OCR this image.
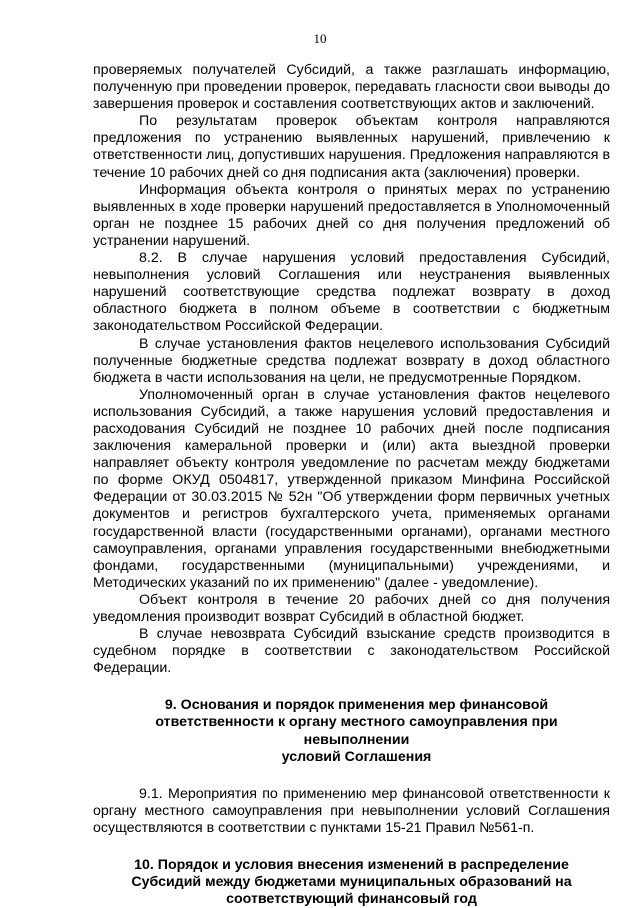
10

проверяемых получателей Субсидий, а также разглашать информацию, полученную при проведении проверок, передавать гласности свои выводы до завершения проверок и составления соответствующих актов и заключений.

По результатам проверок объектам контроля направляются предложения по устранению выявленных нарушений, привлечению к ответственности лиц, допустивших нарушения. Предложения направляются в течение 10 рабочих дней со дня подписания акта (заключения) проверки.

Информация объекта контроля о принятых мерах по устранению выявленных в ходе проверки нарушений предоставляется в Уполномоченный орган не позднее 15 рабочих дней со дня получения предложений об устранении нарушений.

8.2. В случае нарушения условий предоставления Субсидий, невыполнения условий Соглашения или неустранения выявленных нарушений соответствующие средства подлежат возврату в доход областного бюджета в полном объеме в соответствии с бюджетным законодательством Российской Федерации.

В случае установления фактов нецелевого использования Субсидий полученные бюджетные средства подлежат возврату в доход областного бюджета в части использования на цели, не предусмотренные Порядком.

Уполномоченный орган в случае установления фактов нецелевого использования Субсидий, а также нарушения условий предоставления и расходования Субсидий не позднее 10 рабочих дней после подписания заключения камеральной проверки и (или) акта выездной проверки направляет объекту контроля уведомление по расчетам между бюджетами по форме ОКУД 0504817, утвержденной приказом Минфина Российской Федерации от 30.03.2015 № 52н "Об утверждении форм первичных учетных документов и регистров бухгалтерского учета, применяемых органами государственной власти (государственными органами), органами местного самоуправления, органами управления государственными внебюджетными фондами, государственными (муниципальными) учреждениями, и Методических указаний по их применению" (далее - уведомление).

Объект контроля в течение 20 рабочих дней со дня получения уведомления производит возврат Субсидий в областной бюджет.

В случае невозврата Субсидий взыскание средств производится в судебном порядке в соответствии с законодательством Российской Федерации.

9. Основания и порядок применения мер финансовой
ответственности к органу местного самоуправления при невыполнении
условий Соглашения

9.1. Мероприятия по применению мер финансовой ответственности к органу местного самоуправления при невыполнении условий Соглашения осуществляются в соответствии с пунктами 15-21 Правил №561-п.

10. Порядок и условия внесения изменений в распределение
Субсидий между бюджетами муниципальных образований на
соответствующий финансовый год
